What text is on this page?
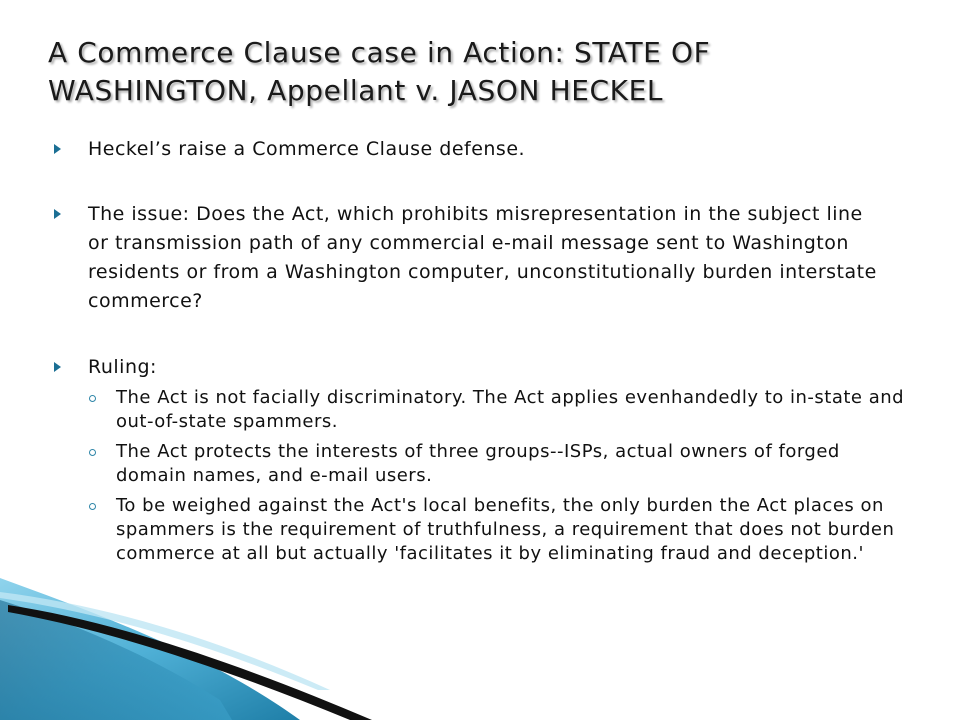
A Commerce Clause case in Action: STATE OF WASHINGTON, Appellant v. JASON HECKEL
Heckel’s raise a Commerce Clause defense.
The issue: Does the Act, which prohibits misrepresentation in the subject line or transmission path of any commercial e-mail message sent to Washington residents or from a Washington computer, unconstitutionally burden interstate commerce?
Ruling:
The Act is not facially discriminatory. The Act applies evenhandedly to in-state and out-of-state spammers.
The Act protects the interests of three groups--ISPs, actual owners of forged domain names, and e-mail users.
To be weighed against the Act's local benefits, the only burden the Act places on spammers is the requirement of truthfulness, a requirement that does not burden commerce at all but actually 'facilitates it by eliminating fraud and deception.'
